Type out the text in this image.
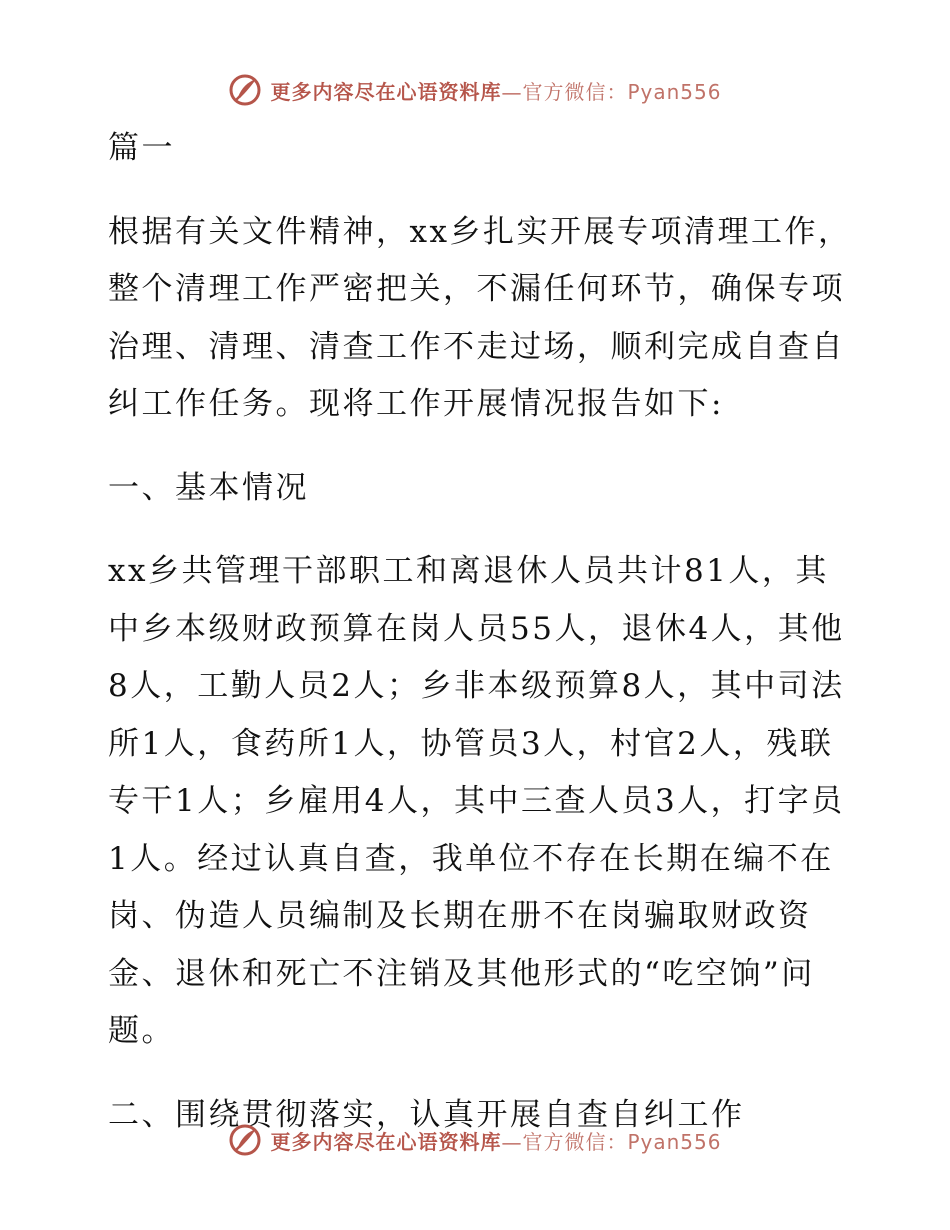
更多内容尽在心语资料库—官方微信：Pyan556

篇一

根据有关文件精神，xx乡扎实开展专项清理工作，整个清理工作严密把关，不漏任何环节，确保专项治理、清理、清查工作不走过场，顺利完成自查自纠工作任务。现将工作开展情况报告如下:

一、基本情况

xx乡共管理干部职工和离退休人员共计81人，其中乡本级财政预算在岗人员55人，退休4人，其他8人，工勤人员2人；乡非本级预算8人，其中司法所1人，食药所1人，协管员3人，村官2人，残联专干1人；乡雇用4人，其中三查人员3人，打字员1人。经过认真自查，我单位不存在长期在编不在岗、伪造人员编制及长期在册不在岗骗取财政资金、退休和死亡不注销及其他形式的“吃空饷”问题。

二、围绕贯彻落实，认真开展自查自纠工作

更多内容尽在心语资料库—官方微信：Pyan556
